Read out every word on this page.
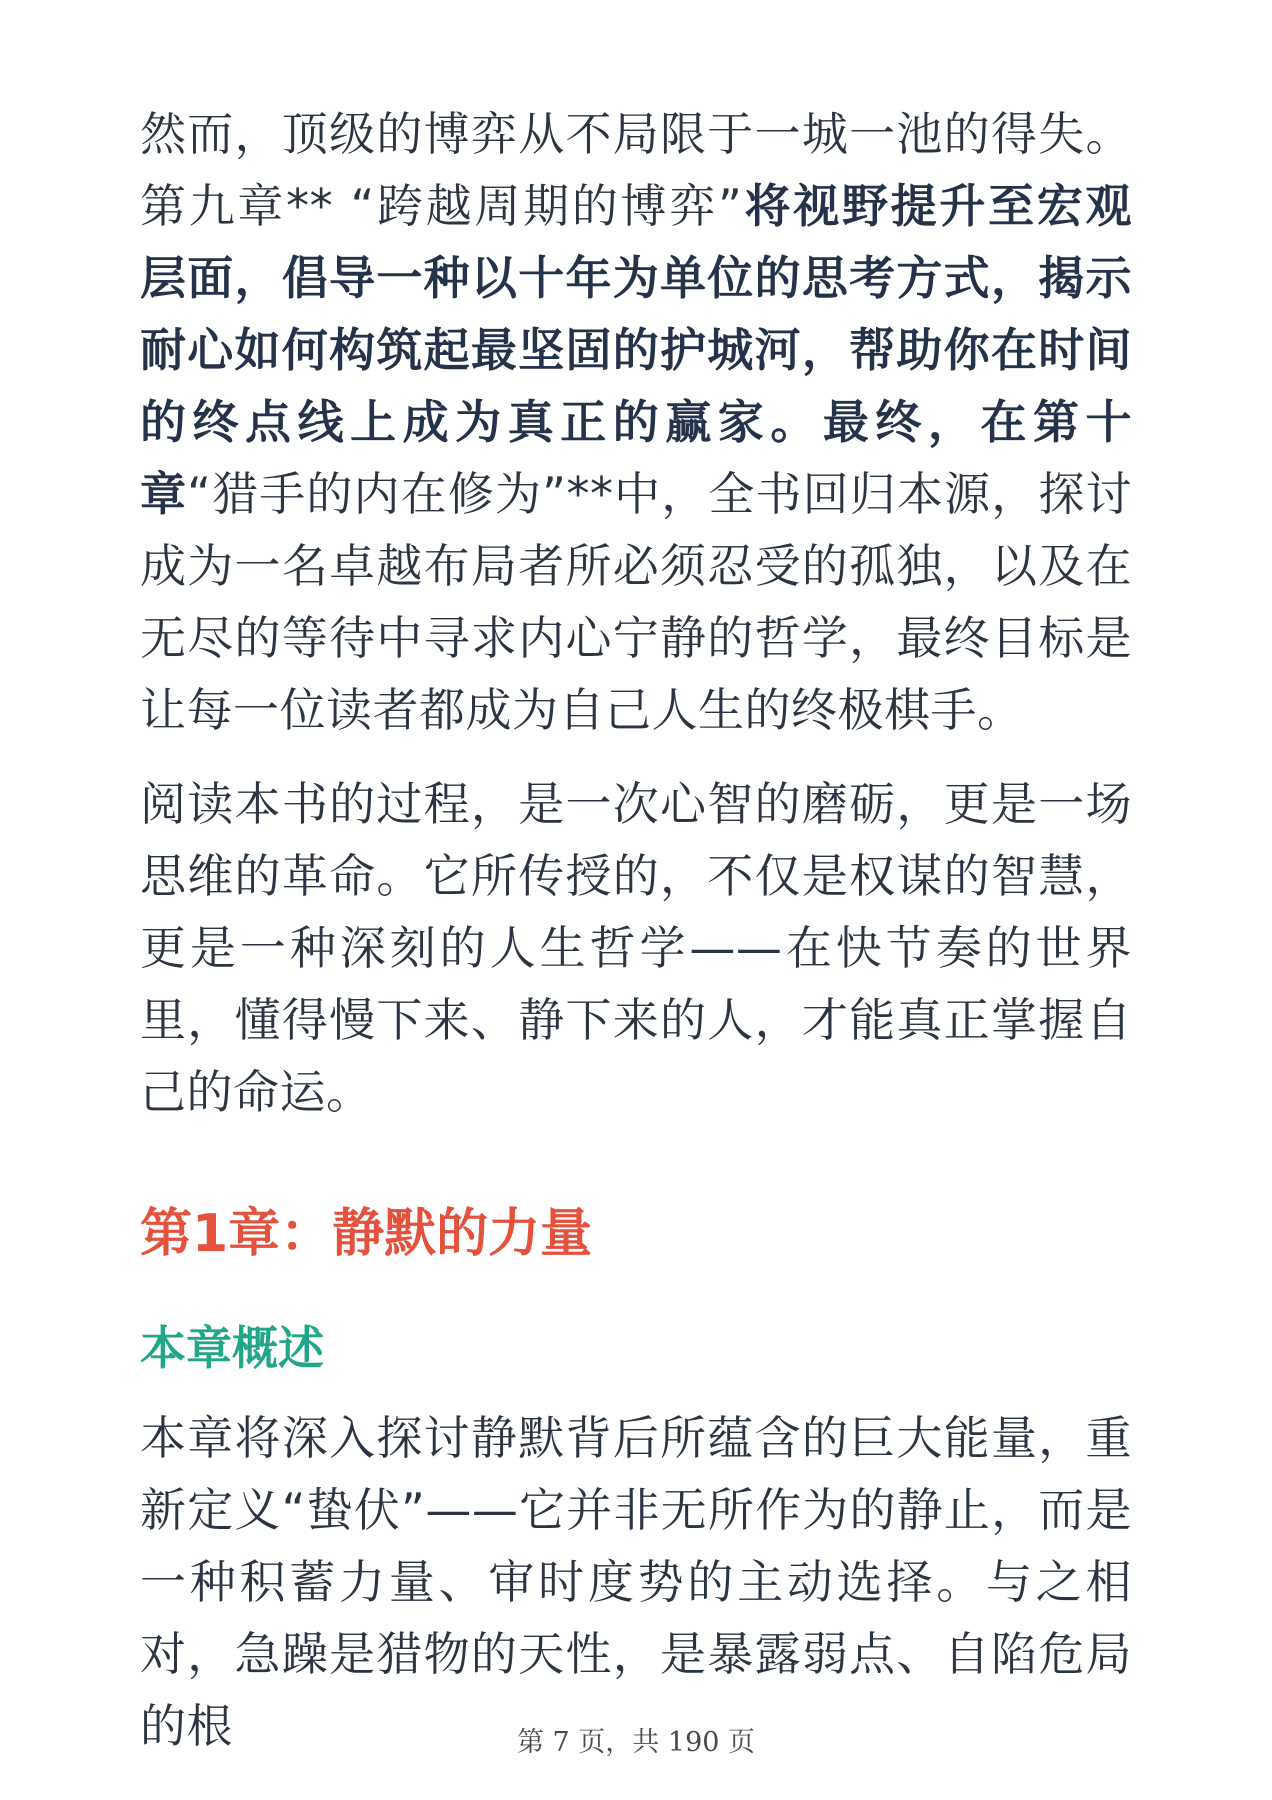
然而，顶级的博弈从不局限于一城一池的得失。第九章** “跨越周期的博弈”将视野提升至宏观层面，倡导一种以十年为单位的思考方式，揭示耐心如何构筑起最坚固的护城河，帮助你在时间的终点线上成为真正的赢家。最终，在第十章“猎手的内在修为”**中，全书回归本源，探讨成为一名卓越布局者所必须忍受的孤独，以及在无尽的等待中寻求内心宁静的哲学，最终目标是让每一位读者都成为自己人生的终极棋手。

阅读本书的过程，是一次心智的磨砺，更是一场思维的革命。它所传授的，不仅是权谋的智慧，更是一种深刻的人生哲学——在快节奏的世界里，懂得慢下来、静下来的人，才能真正掌握自己的命运。

第1章：静默的力量
本章概述

本章将深入探讨静默背后所蕴含的巨大能量，重新定义“蛰伏”——它并非无所作为的静止，而是一种积蓄力量、审时度势的主动选择。与之相对，急躁是猎物的天性，是暴露弱点、自陷危局的根	第 7 页，共 190 页
